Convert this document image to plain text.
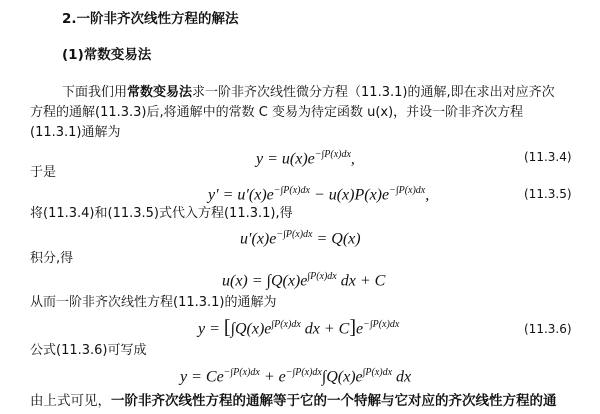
2.一阶非齐次线性方程的解法
(1)常数变易法
下面我们用常数变易法求一阶非齐次线性微分方程（11.3.1)的通解,即在求出对应齐次
方程的通解(11.3.3)后,将通解中的常数 C 变易为待定函数 u(x)，并设一阶非齐次方程
(11.3.1)通解为
$y = u(x)e^{-\int P(x)dx}$,	(11.3.4)
于是
$y' = u'(x)e^{-\int P(x)dx} - u(x)P(x)e^{-\int P(x)dx}$,	(11.3.5)
将(11.3.4)和(11.3.5)式代入方程(11.3.1),得
$u'(x)e^{-\int P(x)dx} = Q(x)$
积分,得
$u(x) = \int Q(x)e^{\int P(x)dx}$ dx + C
从而一阶非齐次线性方程(11.3.1)的通解为
$y = [\int Q(x)e^{\int P(x)dx}$ dx + $C]e^{-\int P(x)dx}$	(11.3.6)
公式(11.3.6)可写成
$y = Ce^{-\int P(x)dx} + e^{-\int P(x)dx}\int Q(x)e^{\int P(x)dx}$ dx
由上式可见，一阶非齐次线性方程的通解等于它的一个特解与它对应的齐次线性方程的通
